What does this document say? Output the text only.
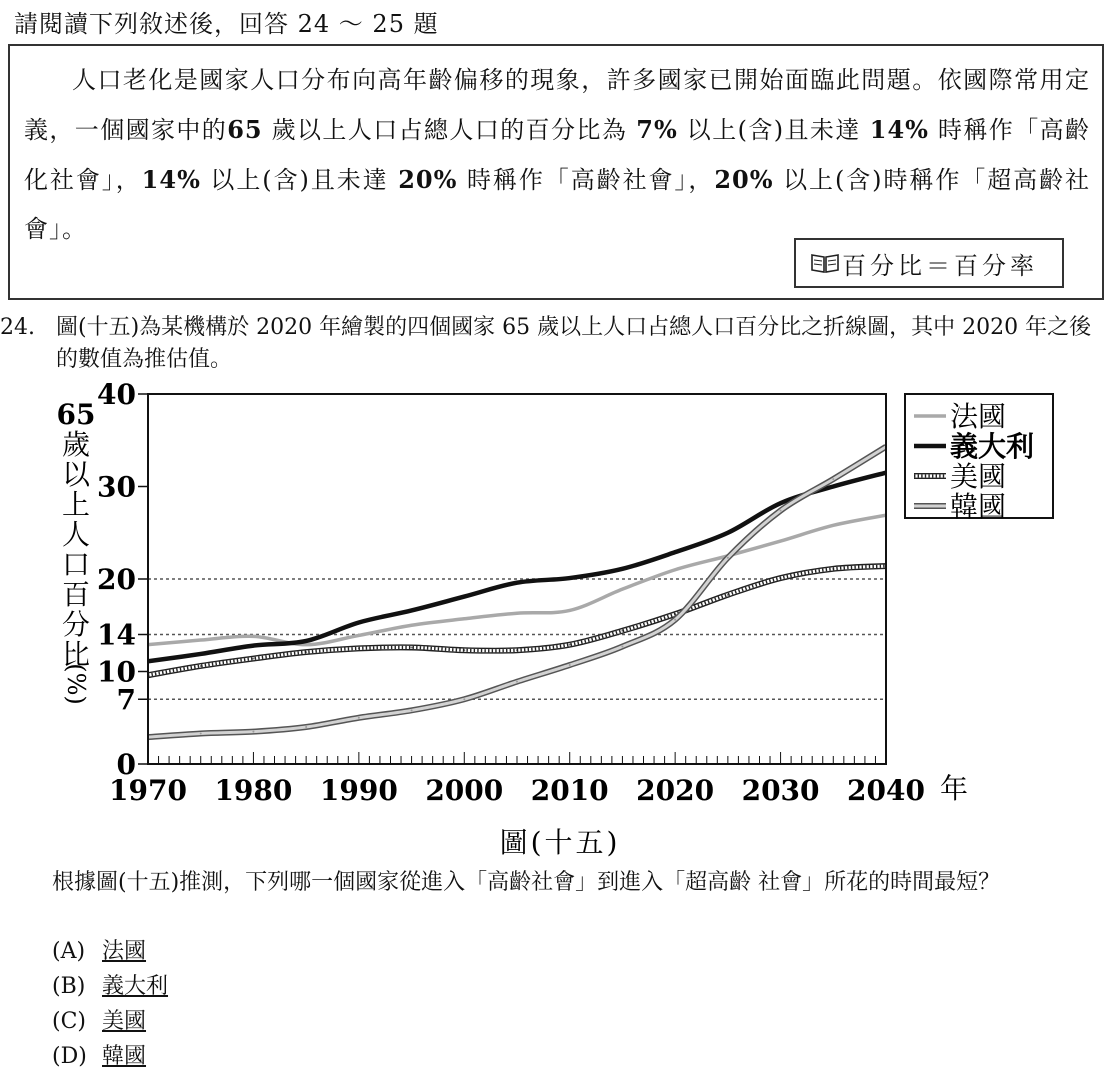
請閱讀下列敘述後，回答 24 ～ 25 題

人口老化是國家人口分布向高年齡偏移的現象，許多國家已開始面臨此問題。依國際常用定義，一個國家中的65 歲以上人口占總人口的百分比為 7% 以上(含)且未達 14% 時稱作「高齡化社會」，14% 以上(含)且未達 20% 時稱作「高齡社會」，20% 以上(含)時稱作「超高齡社會」。

百分比＝百分率
24. 圖(十五)為某機構於 2020 年繪製的四個國家 65 歲以上人口占總人口百分比之折線圖，其中 2020 年之後的數值為推估值。
1970 1980 1990 2000 2010 2020 2030 2040 年
0
7
10
14
20
30
40
65
歲
以
上
人
口
百
分
比
(%)
法國
義大利
美國
韓國
圖(十五)
根據圖(十五)推測，下列哪一個國家從進入「高齡社會」到進入「超高齡 社會」所花的時間最短？
(A) 法國
(B) 義大利
(C) 美國
(D) 韓國
